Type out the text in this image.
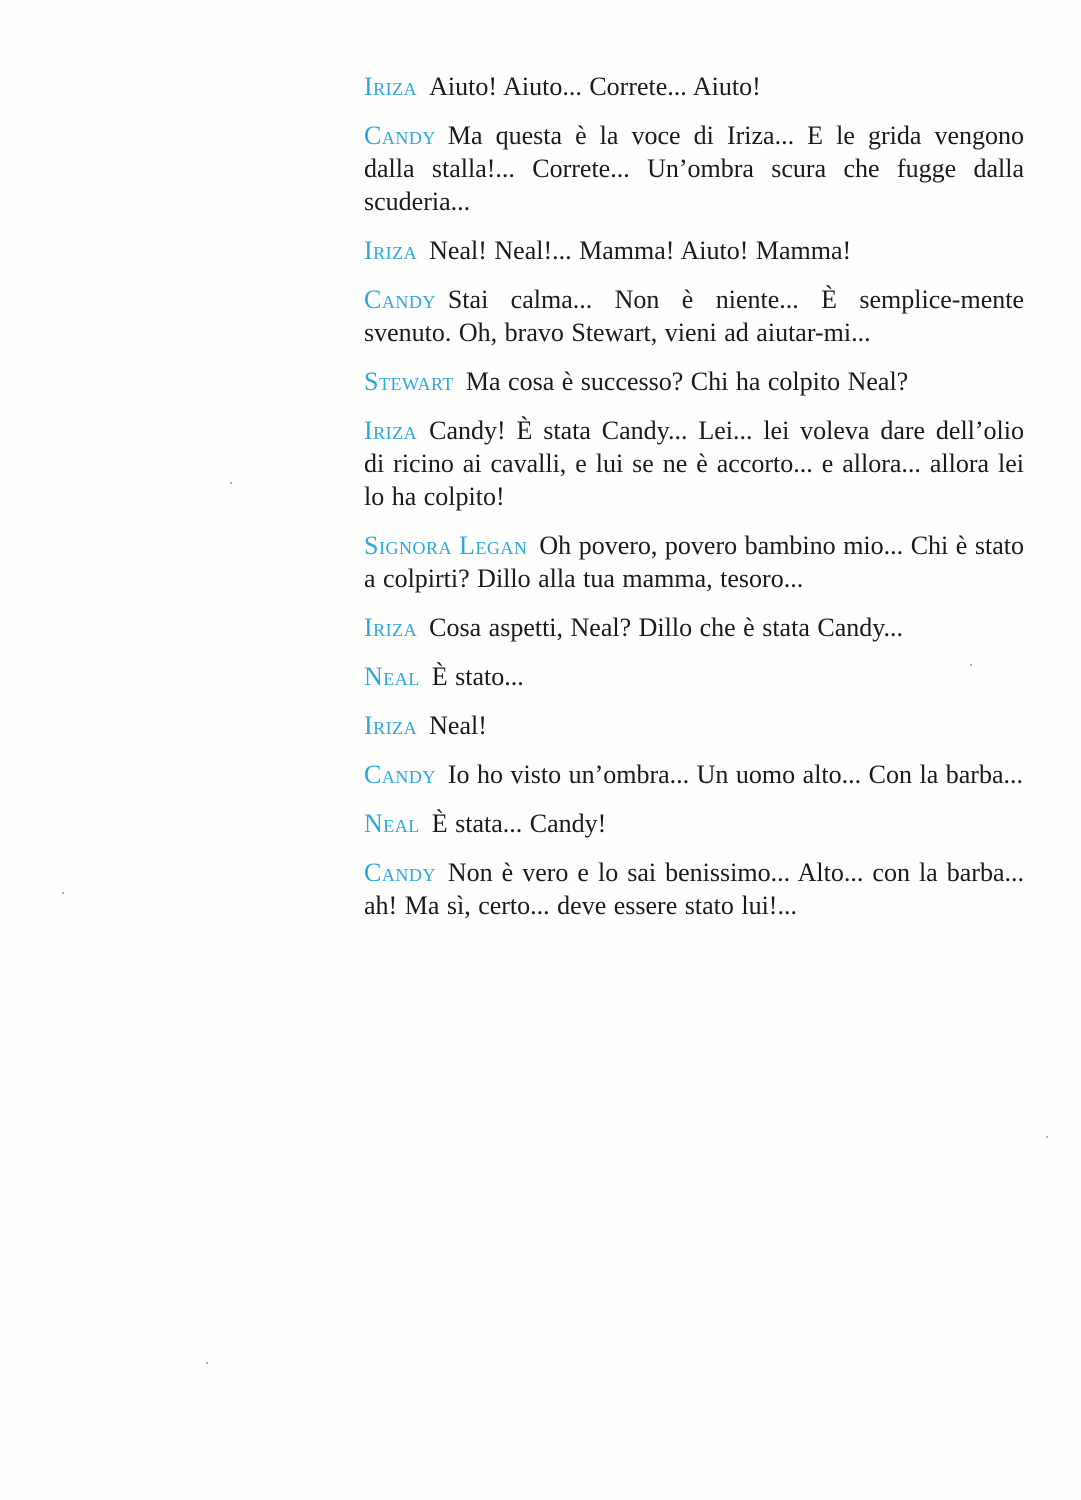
Iriza Aiuto! Aiuto... Correte... Aiuto!

Candy Ma questa è la voce di Iriza... E le grida vengono dalla stalla!... Correte... Un’ombra scura che fugge dalla scuderia...

Iriza Neal! Neal!... Mamma! Aiuto! Mamma!

Candy Stai calma... Non è niente... È semplice-mente svenuto. Oh, bravo Stewart, vieni ad aiutar-mi...

Stewart Ma cosa è successo? Chi ha colpito Neal?

Iriza Candy! È stata Candy... Lei... lei voleva dare dell’olio di ricino ai cavalli, e lui se ne è accorto... e allora... allora lei lo ha colpito!

Signora Legan Oh povero, povero bambino mio... Chi è stato a colpirti? Dillo alla tua mamma, tesoro...

Iriza Cosa aspetti, Neal? Dillo che è stata Candy...

Neal È stato...

Iriza Neal!

Candy Io ho visto un’ombra... Un uomo alto... Con la barba...

Neal È stata... Candy!

Candy Non è vero e lo sai benissimo... Alto... con la barba... ah! Ma sì, certo... deve essere stato lui!...
